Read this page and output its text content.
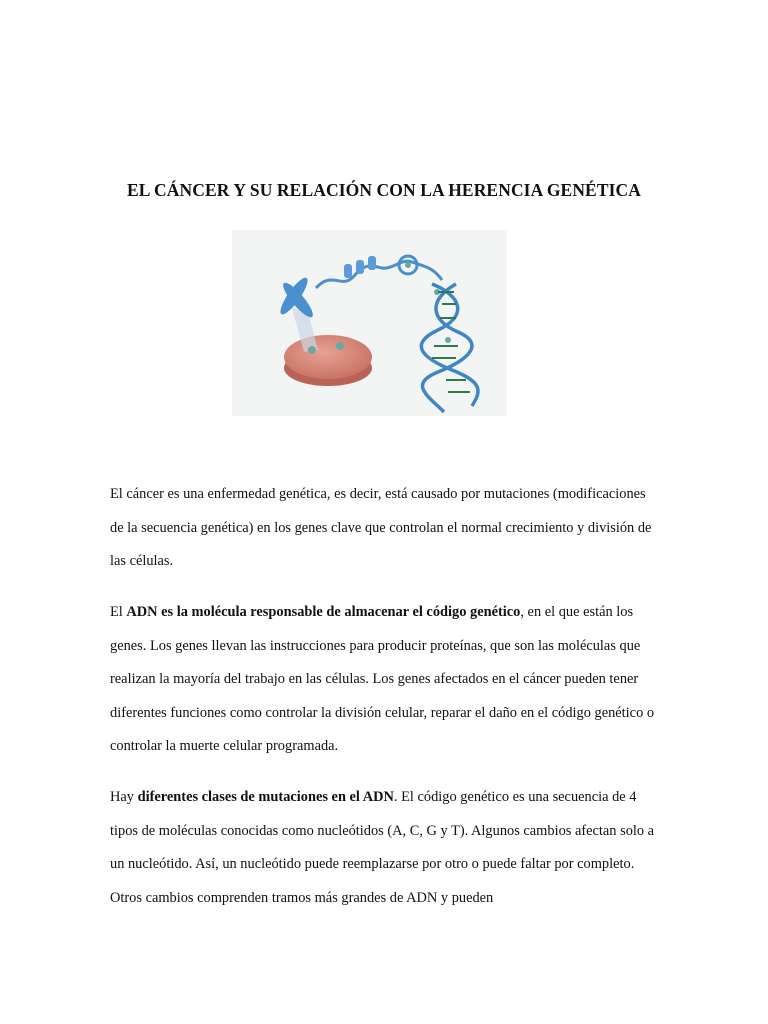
EL CÁNCER Y SU RELACIÓN CON LA HERENCIA GENÉTICA

El cáncer es una enfermedad genética, es decir, está causado por mutaciones (modificaciones de la secuencia genética) en los genes clave que controlan el normal crecimiento y división de las células.

El ADN es la molécula responsable de almacenar el código genético, en el que están los genes. Los genes llevan las instrucciones para producir proteínas, que son las moléculas que realizan la mayoría del trabajo en las células. Los genes afectados en el cáncer pueden tener diferentes funciones como controlar la división celular, reparar el daño en el código genético o controlar la muerte celular programada.

Hay diferentes clases de mutaciones en el ADN. El código genético es una secuencia de 4 tipos de moléculas conocidas como nucleótidos (A, C, G y T). Algunos cambios afectan solo a un nucleótido. Así, un nucleótido puede reemplazarse por otro o puede faltar por completo. Otros cambios comprenden tramos más grandes de ADN y pueden
